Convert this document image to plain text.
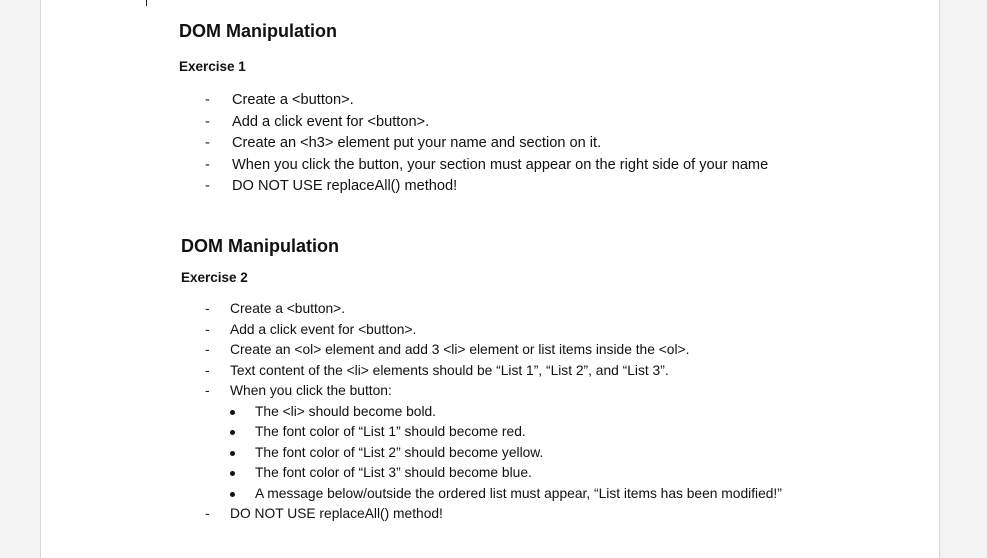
DOM Manipulation
Exercise 1
- Create a <button>.
- Add a click event for <button>.
- Create an <h3> element put your name and section on it.
- When you click the button, your section must appear on the right side of your name
- DO NOT USE replaceAll() method!
DOM Manipulation
Exercise 2
- Create a <button>.
- Add a click event for <button>.
- Create an <ol> element and add 3 <li> element or list items inside the <ol>.
- Text content of the <li> elements should be “List 1”, “List 2”, and “List 3”.
- When you click the button:
The <li> should become bold.
The font color of “List 1” should become red.
The font color of “List 2” should become yellow.
The font color of “List 3” should become blue.
A message below/outside the ordered list must appear, “List items has been modified!”
- DO NOT USE replaceAll() method!
